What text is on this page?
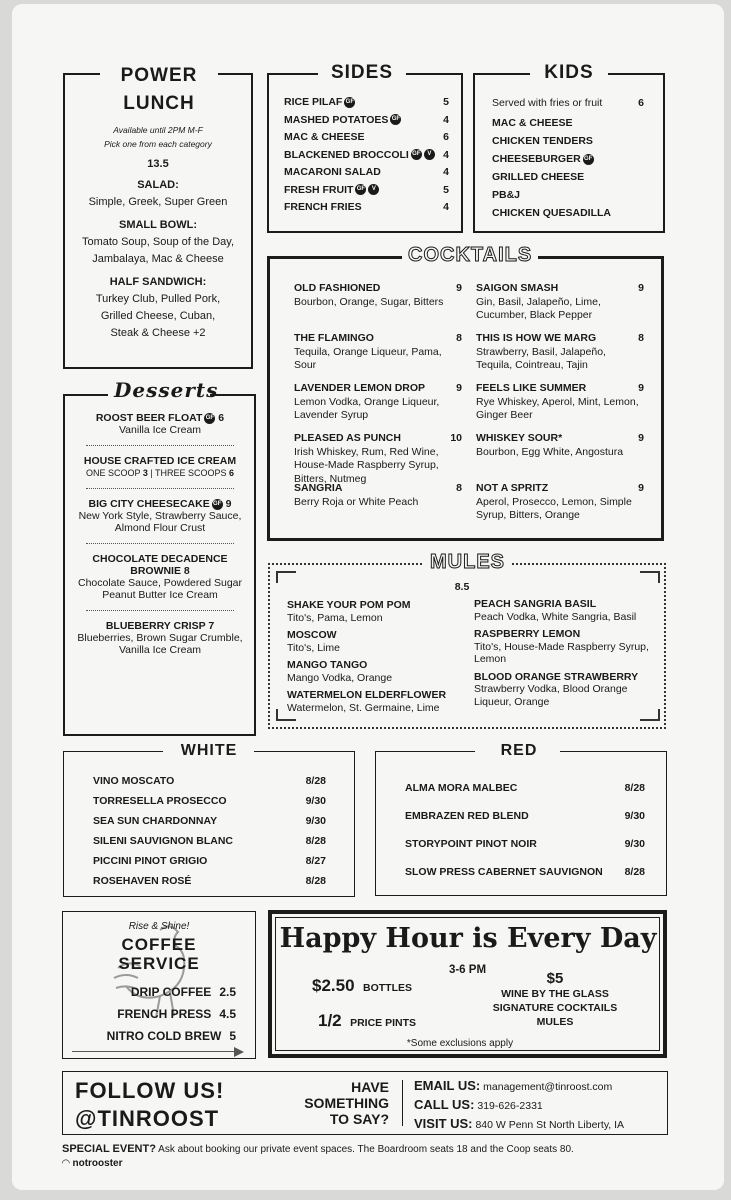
POWER
LUNCH
Available until 2PM M-F
Pick one from each category
13.5
SALAD:
Simple, Greek, Super Green
SMALL BOWL:
Tomato Soup, Soup of the Day,
Jambalaya, Mac & Cheese
HALF SANDWICH:
Turkey Club, Pulled Pork,
Grilled Cheese, Cuban,
Steak & Cheese +2
SIDES
RICE PILAF GF	5
MASHED POTATOES GF	4
MAC & CHEESE	6
BLACKENED BROCCOLI GF V	4
MACARONI SALAD	4
FRESH FRUIT GF V	5
FRENCH FRIES	4
KIDS
Served with fries or fruit	6
MAC & CHEESE
CHICKEN TENDERS
CHEESEBURGER GF
GRILLED CHEESE
PB&J
CHICKEN QUESADILLA
COCKTAILS
OLD FASHIONED	9
Bourbon, Orange, Sugar, Bitters
THE FLAMINGO	8
Tequila, Orange Liqueur, Pama, Sour
LAVENDER LEMON DROP	9
Lemon Vodka, Orange Liqueur, Lavender Syrup
PLEASED AS PUNCH	10
Irish Whiskey, Rum, Red Wine, House-Made Raspberry Syrup, Bitters, Nutmeg
SANGRIA	8
Berry Roja or White Peach
SAIGON SMASH	9
Gin, Basil, Jalapeño, Lime, Cucumber, Black Pepper
THIS IS HOW WE MARG	8
Strawberry, Basil, Jalapeño, Tequila, Cointreau, Tajin
FEELS LIKE SUMMER	9
Rye Whiskey, Aperol, Mint, Lemon, Ginger Beer
WHISKEY SOUR*	9
Bourbon, Egg White, Angostura
NOT A SPRITZ	9
Aperol, Prosecco, Lemon, Simple Syrup, Bitters, Orange
Desserts
ROOST BEER FLOAT GF 6
Vanilla Ice Cream
HOUSE CRAFTED ICE CREAM
ONE SCOOP 3 | THREE SCOOPS 6
BIG CITY CHEESECAKE GF 9
New York Style, Strawberry Sauce, Almond Flour Crust
CHOCOLATE DECADENCE BROWNIE 8
Chocolate Sauce, Powdered Sugar Peanut Butter Ice Cream
BLUEBERRY CRISP 7
Blueberries, Brown Sugar Crumble, Vanilla Ice Cream
MULES
8.5
SHAKE YOUR POM POM
Tito's, Pama, Lemon
MOSCOW
Tito's, Lime
MANGO TANGO
Mango Vodka, Orange
WATERMELON ELDERFLOWER
Watermelon, St. Germaine, Lime
PEACH SANGRIA BASIL
Peach Vodka, White Sangria, Basil
RASPBERRY LEMON
Tito's, House-Made Raspberry Syrup, Lemon
BLOOD ORANGE STRAWBERRY
Strawberry Vodka, Blood Orange Liqueur, Orange
WHITE
VINO MOSCATO	8/28
TORRESELLA PROSECCO	9/30
SEA SUN CHARDONNAY	9/30
SILENI SAUVIGNON BLANC	8/28
PICCINI PINOT GRIGIO	8/27
ROSEHAVEN ROSÉ	8/28
RED
ALMA MORA MALBEC	8/28
EMBRAZEN RED BLEND	9/30
STORYPOINT PINOT NOIR	9/30
SLOW PRESS CABERNET SAUVIGNON 8/28
Rise & Shine!
COFFEE
SERVICE
DRIP COFFEE 2.5
FRENCH PRESS 4.5
NITRO COLD BREW 5
Happy Hour is Every Day
3-6 PM
$2.50 BOTTLES
1/2 PRICE PINTS
$5
WINE BY THE GLASS
SIGNATURE COCKTAILS
MULES
*Some exclusions apply
FOLLOW US!
@TINROOST
HAVE
SOMETHING
TO SAY?
EMAIL US: management@tinroost.com
CALL US: 319-626-2331
VISIT US: 840 W Penn St North Liberty, IA
SPECIAL EVENT? Ask about booking our private event spaces. The Boardroom seats 18 and the Coop seats 80.
◠ notrooster
